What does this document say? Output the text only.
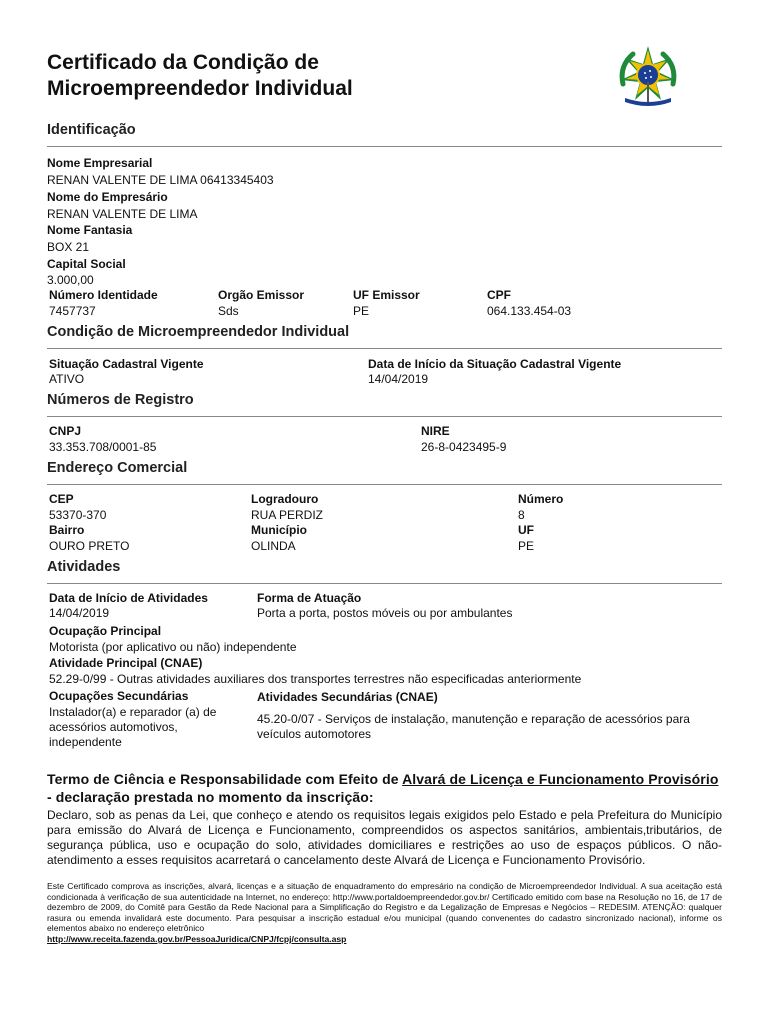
Certificado da Condição de
Microempreendedor Individual
Identificação
Nome Empresarial
RENAN VALENTE DE LIMA 06413345403
Nome do Empresário
RENAN VALENTE DE LIMA
Nome Fantasia
BOX 21
Capital Social
3.000,00
Número Identidade
7457737
Orgão Emissor
Sds
UF Emissor
PE
CPF
064.133.454-03
Condição de Microempreendedor Individual
Situação Cadastral Vigente
ATIVO
Data de Início da Situação Cadastral Vigente
14/04/2019
Números de Registro
CNPJ
33.353.708/0001-85
NIRE
26-8-0423495-9
Endereço Comercial
CEP
53370-370
Logradouro
RUA PERDIZ
Número
8
Bairro
OURO PRETO
Município
OLINDA
UF
PE
Atividades
Data de Início de Atividades
14/04/2019
Forma de Atuação
Porta a porta, postos móveis ou por ambulantes
Ocupação Principal
Motorista (por aplicativo ou não) independente
Atividade Principal (CNAE)
52.29-0/99 - Outras atividades auxiliares dos transportes terrestres não especificadas anteriormente
Ocupações Secundárias
Instalador(a) e reparador (a) de acessórios automotivos, independente
Atividades Secundárias (CNAE)
45.20-0/07 - Serviços de instalação, manutenção e reparação de acessórios para veículos automotores
Termo de Ciência e Responsabilidade com Efeito de Alvará de Licença e Funcionamento Provisório - declaração prestada no momento da inscrição:
Declaro, sob as penas da Lei, que conheço e atendo os requisitos legais exigidos pelo Estado e pela Prefeitura do Município para emissão do Alvará de Licença e Funcionamento, compreendidos os aspectos sanitários, ambientais,tributários, de segurança pública, uso e ocupação do solo, atividades domiciliares e restrições ao uso de espaços públicos. O não-atendimento a esses requisitos acarretará o cancelamento deste Alvará de Licença e Funcionamento Provisório.
Este Certificado comprova as inscrições, alvará, licenças e a situação de enquadramento do empresário na condição de Microempreendedor Individual. A sua aceitação está condicionada à verificação de sua autenticidade na Internet, no endereço: http://www.portaldoempreendedor.gov.br/ Certificado emitido com base na Resolução no 16, de 17 de dezembro de 2009, do Comitê para Gestão da Rede Nacional para a Simplificação do Registro e da Legalização de Empresas e Negócios – REDESIM. ATENÇÃO: qualquer rasura ou emenda invalidará este documento. Para pesquisar a inscrição estadual e/ou municipal (quando convenentes do cadastro sincronizado nacional), informe os elementos abaixo no endereço eletrônico
http://www.receita.fazenda.gov.br/PessoaJuridica/CNPJ/fcpj/consulta.asp
